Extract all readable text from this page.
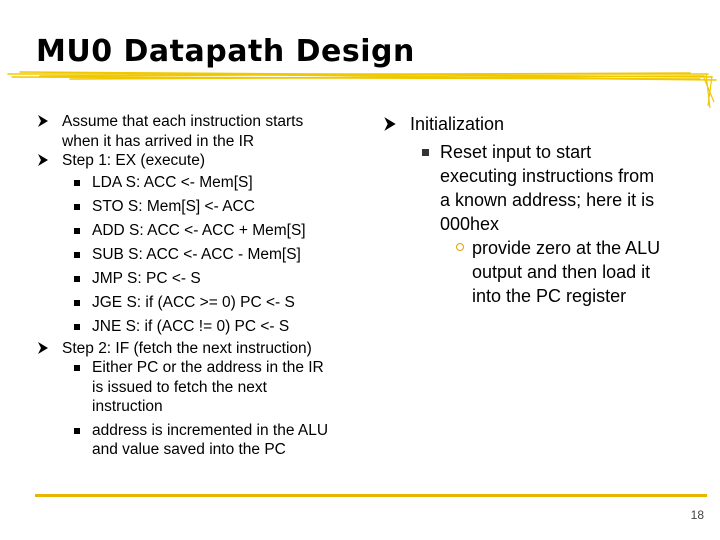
MU0 Datapath Design
Assume that each instruction starts
when it has arrived in the IR
Step 1: EX (execute)
LDA S: ACC <- Mem[S]
STO S: Mem[S] <- ACC
ADD S: ACC <- ACC + Mem[S]
SUB S: ACC <- ACC - Mem[S]
JMP S: PC <- S
JGE S: if (ACC >= 0) PC <- S
JNE S: if (ACC != 0) PC <- S
Step 2: IF (fetch the next instruction)
Either PC or the address in the IR
is issued to fetch the next
instruction
address is incremented in the ALU
and value saved into the PC
Initialization
Reset input to start
executing instructions from
a known address; here it is
000hex
provide zero at the ALU
output and then load it
into the PC register
18
